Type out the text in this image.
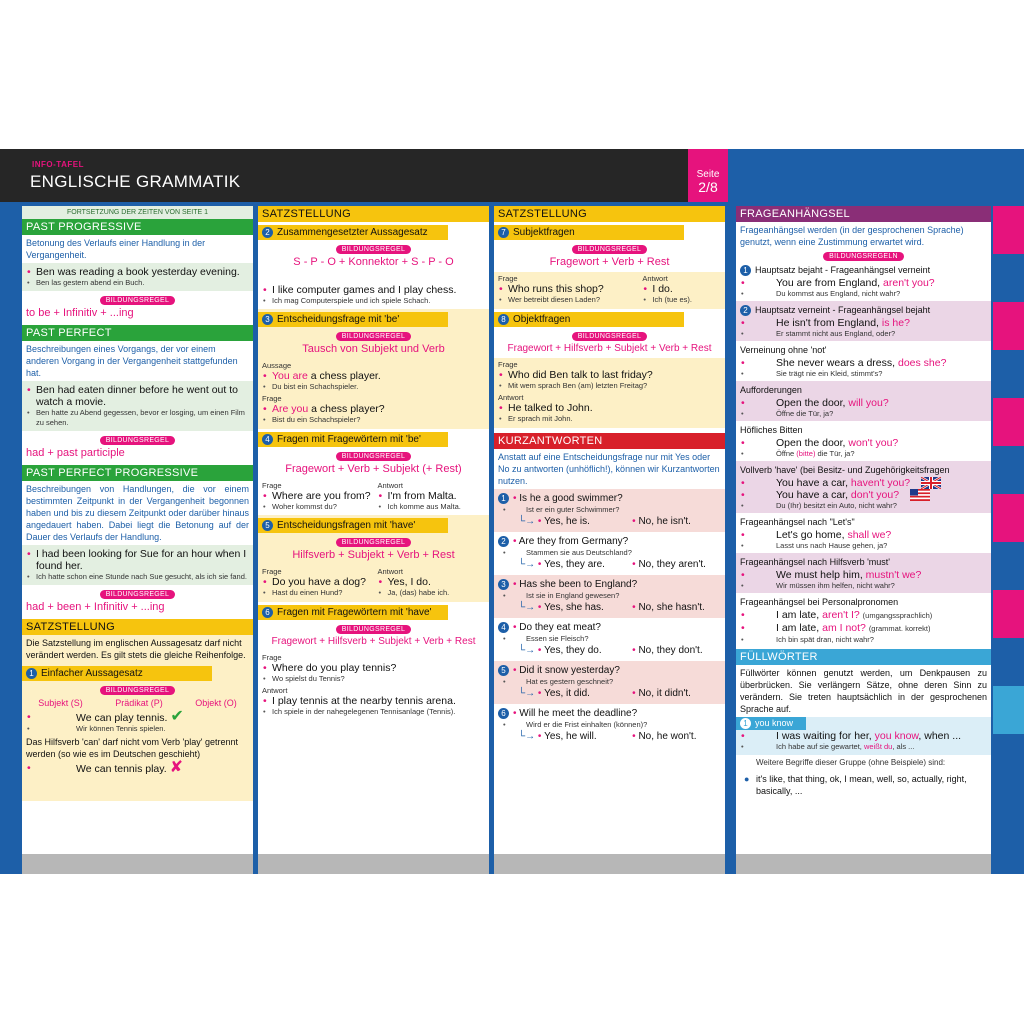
INFO-TAFEL
ENGLISCHE GRAMMATIK	Seite
2/8
FORTSETZUNG DER ZEITEN VON SEITE 1
PAST PROGRESSIVE
Betonung des Verlaufs einer Handlung in der Vergangenheit.
• Ben was reading a book yesterday evening.
• Ben las gestern abend ein Buch.
BILDUNGSREGEL
to be + Infinitiv + ...ing
PAST PERFECT
Beschreibungen eines Vorgangs, der vor einem anderen Vorgang in der Vergangenheit stattgefunden hat.
• Ben had eaten dinner before he went out to watch a movie.
• Ben hatte zu Abend gegessen, bevor er losging, um einen Film zu sehen.
BILDUNGSREGEL
had + past participle
PAST PERFECT PROGRESSIVE
Beschreibungen von Handlungen, die vor einem bestimmten Zeitpunkt in der Vergangenheit begonnen haben und bis zu diesem Zeitpunkt oder darüber hinaus angedauert haben. Dabei liegt die Betonung auf der Dauer des Verlaufs der Handlung.
• I had been looking for Sue for an hour when I found her.
• Ich hatte schon eine Stunde nach Sue gesucht, als ich sie fand.
BILDUNGSREGEL
had + been + Infinitiv + ...ing
SATZSTELLUNG
Die Satzstellung im englischen Aussagesatz darf nicht verändert werden. Es gilt stets die gleiche Reihenfolge.
1 Einfacher Aussagesatz
BILDUNGSREGEL
Subjekt (S)	Prädikat (P)	Objekt (O)
• We can play tennis. ✔
• Wir können Tennis spielen.
Das Hilfsverb 'can' darf nicht vom Verb 'play' getrennt werden (so wie es im Deutschen geschieht)
• We can tennis play. ✘
SATZSTELLUNG
2 Zusammengesetzter Aussagesatz
BILDUNGSREGEL
S - P - O + Konnektor + S - P - O
• I like computer games and I play chess.
• Ich mag Computerspiele und ich spiele Schach.
3 Entscheidungsfrage mit 'be'
BILDUNGSREGEL
Tausch von Subjekt und Verb
Aussage
• You are a chess player.
• Du bist ein Schachspieler.
Frage
• Are you a chess player?
• Bist du ein Schachspieler?
4 Fragen mit Fragewörtern mit 'be'
BILDUNGSREGEL
Fragewort + Verb + Subjekt (+ Rest)
Frage
• Where are you from?
• Woher kommst du?
Antwort
• I'm from Malta.
• Ich komme aus Malta.
5 Entscheidungsfragen mit 'have'
BILDUNGSREGEL
Hilfsverb + Subjekt + Verb + Rest
Frage
• Do you have a dog?
• Hast du einen Hund?
Antwort
• Yes, I do.
• Ja, (das) habe ich.
6 Fragen mit Fragewörtern mit 'have'
BILDUNGSREGEL
Fragewort + Hilfsverb + Subjekt + Verb + Rest
Frage
• Where do you play tennis?
• Wo spielst du Tennis?
Antwort
• I play tennis at the nearby tennis arena.
• Ich spiele in der nahegelegenen Tennisanlage (Tennis).
SATZSTELLUNG
7 Subjektfragen
BILDUNGSREGEL
Fragewort + Verb + Rest
Frage
• Who runs this shop?
• Wer betreibt diesen Laden?
Antwort
• I do.
• Ich (tue es).
8 Objektfragen
BILDUNGSREGEL
Fragewort + Hilfsverb + Subjekt + Verb + Rest
Frage
• Who did Ben talk to last friday?
• Mit wem sprach Ben (am) letzten Freitag?
Antwort
• He talked to John.
• Er sprach mit John.
KURZANTWORTEN
Anstatt auf eine Entscheidungsfrage nur mit Yes oder No zu antworten (unhöflich!), können wir Kurzantworten nutzen.
1 • Is he a good swimmer?
• Ist er ein guter Schwimmer?
└→ • Yes, he is.	• No, he isn't.
2 • Are they from Germany?
• Stammen sie aus Deutschland?
└→ • Yes, they are.	• No, they aren't.
3 • Has she been to England?
• Ist sie in England gewesen?
└→ • Yes, she has.	• No, she hasn't.
4 • Do they eat meat?
• Essen sie Fleisch?
└→ • Yes, they do.	• No, they don't.
5 • Did it snow yesterday?
• Hat es gestern geschneit?
└→ • Yes, it did.	• No, it didn't.
6 • Will he meet the deadline?
• Wird er die Frist einhalten (können)?
└→ • Yes, he will.	• No, he won't.
FRAGEANHÄNGSEL
Frageanhängsel werden (in der gesprochenen Sprache) genutzt, wenn eine Zustimmung erwartet wird.
BILDUNGSREGELN
1 Hauptsatz bejaht - Frageanhängsel verneint
• You are from England, aren't you?
• Du kommst aus England, nicht wahr?
2 Hauptsatz verneint - Frageanhängsel bejaht
• He isn't from England, is he?
• Er stammt nicht aus England, oder?
Verneinung ohne 'not'
• She never wears a dress, does she?
• Sie trägt nie ein Kleid, stimmt's?
Aufforderungen
• Open the door, will you?
• Öffne die Tür, ja?
Höfliches Bitten
• Open the door, won't you?
• Öffne (bitte) die Tür, ja?
Vollverb 'have' (bei Besitz- und Zugehörigkeitsfragen
• You have a car, haven't you?
• You have a car, don't you?
• Du (Ihr) besitzt ein Auto, nicht wahr?
Frageanhängsel nach "Let's"
• Let's go home, shall we?
• Lasst uns nach Hause gehen, ja?
Frageanhängsel nach Hilfsverb 'must'
• We must help him, mustn't we?
• Wir müssen ihm helfen, nicht wahr?
Frageanhängsel bei Personalpronomen
• I am late, aren't I? (umgangssprachlich)
• I am late, am I not? (grammat. korrekt)
• Ich bin spät dran, nicht wahr?
FÜLLWÖRTER
Füllwörter können genutzt werden, um Denkpausen zu überbrücken. Sie verlängern Sätze, ohne deren Sinn zu verändern. Sie treten hauptsächlich in der gesprochenen Sprache auf.
1 you know
• I was waiting for her, you know, when ...
• Ich habe auf sie gewartet, weißt du, als ...
Weitere Begriffe dieser Gruppe (ohne Beispiele) sind:
● it's like, that thing, ok, I mean, well, so, actually, right, basically, ...
